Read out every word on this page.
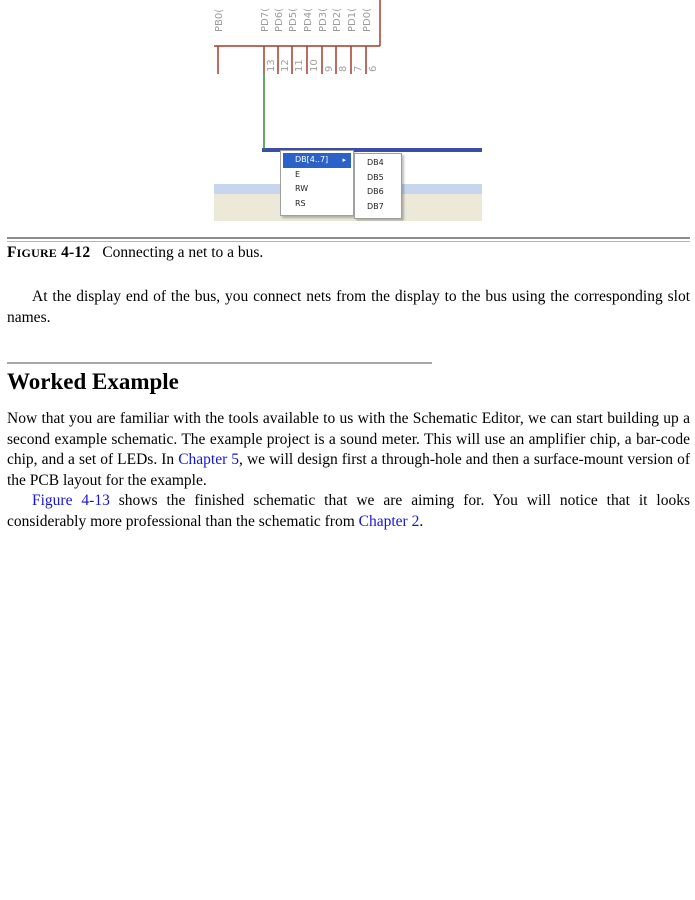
PB0(	PD7(
13
PD6(
12
PD5(
11
PD4(
10
PD3(
9
PD2(
8
PD1(
7
PD0(
6
DB[4..7] ▸
E
RW
RS
DB4
DB5
DB6
DB7
FIGURE 4-12 Connecting a net to a bus.

At the display end of the bus, you connect nets from the display to the bus using the corresponding slot names.

Worked Example

Now that you are familiar with the tools available to us with the Schematic Editor, we can start building up a second example schematic. The example project is a sound meter. This will use an amplifier chip, a bar-code chip, and a set of LEDs. In Chapter 5, we will design first a through-hole and then a surface-mount version of the PCB layout for the example.

Figure 4-13 shows the finished schematic that we are aiming for. You will notice that it looks considerably more professional than the schematic from Chapter 2.
